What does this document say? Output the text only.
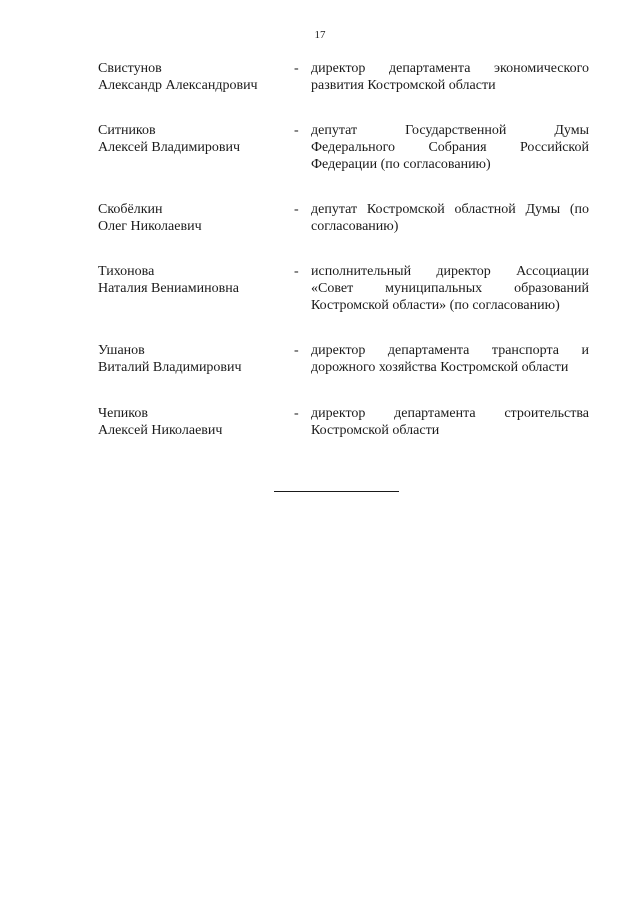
17
Свистунов
Александр Александрович
- директор департамента экономического
развития Костромской области
Ситников
Алексей Владимирович
- депутат Государственной Думы
Федерального Собрания Российской
Федерации (по согласованию)
Скобёлкин
Олег Николаевич
- депутат Костромской областной Думы (по
согласованию)
Тихонова
Наталия Вениаминовна
- исполнительный директор Ассоциации
«Совет муниципальных образований
Костромской области» (по согласованию)
Ушанов
Виталий Владимирович
- директор департамента транспорта и
дорожного хозяйства Костромской области
Чепиков
Алексей Николаевич
- директор департамента строительства
Костромской области
